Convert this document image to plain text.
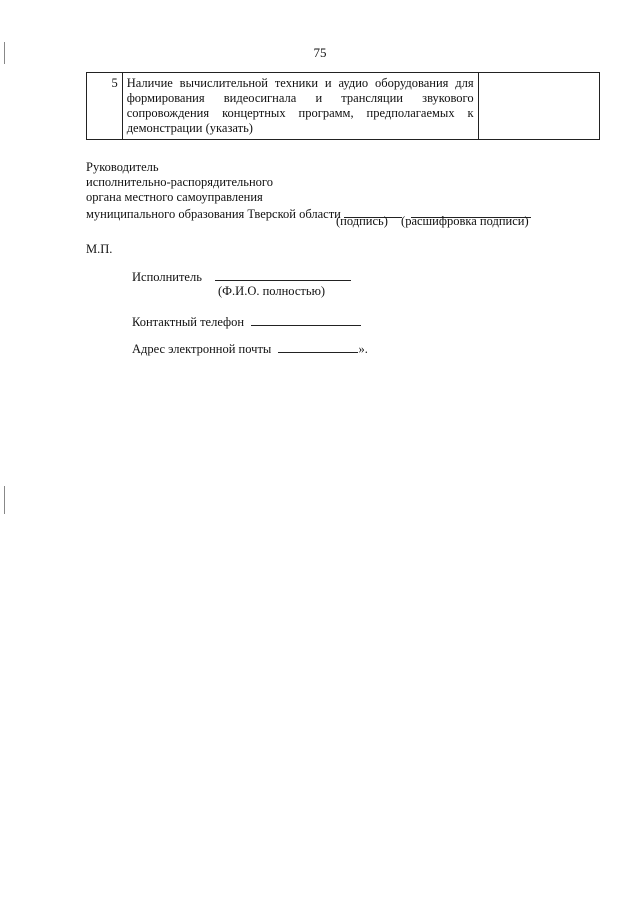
75
5	Наличие вычислительной техники и аудио оборудования для формирования видеосигнала и трансляции звукового сопровождения концертных программ, предполагаемых к демонстрации (указать)	
Руководитель
исполнительно-распорядительного
органа местного самоуправления
муниципального образования Тверской области
(подпись) (расшифровка подписи)
М.П.
Исполнитель
(Ф.И.О. полностью)
Контактный телефон
Адрес электронной почты	».
